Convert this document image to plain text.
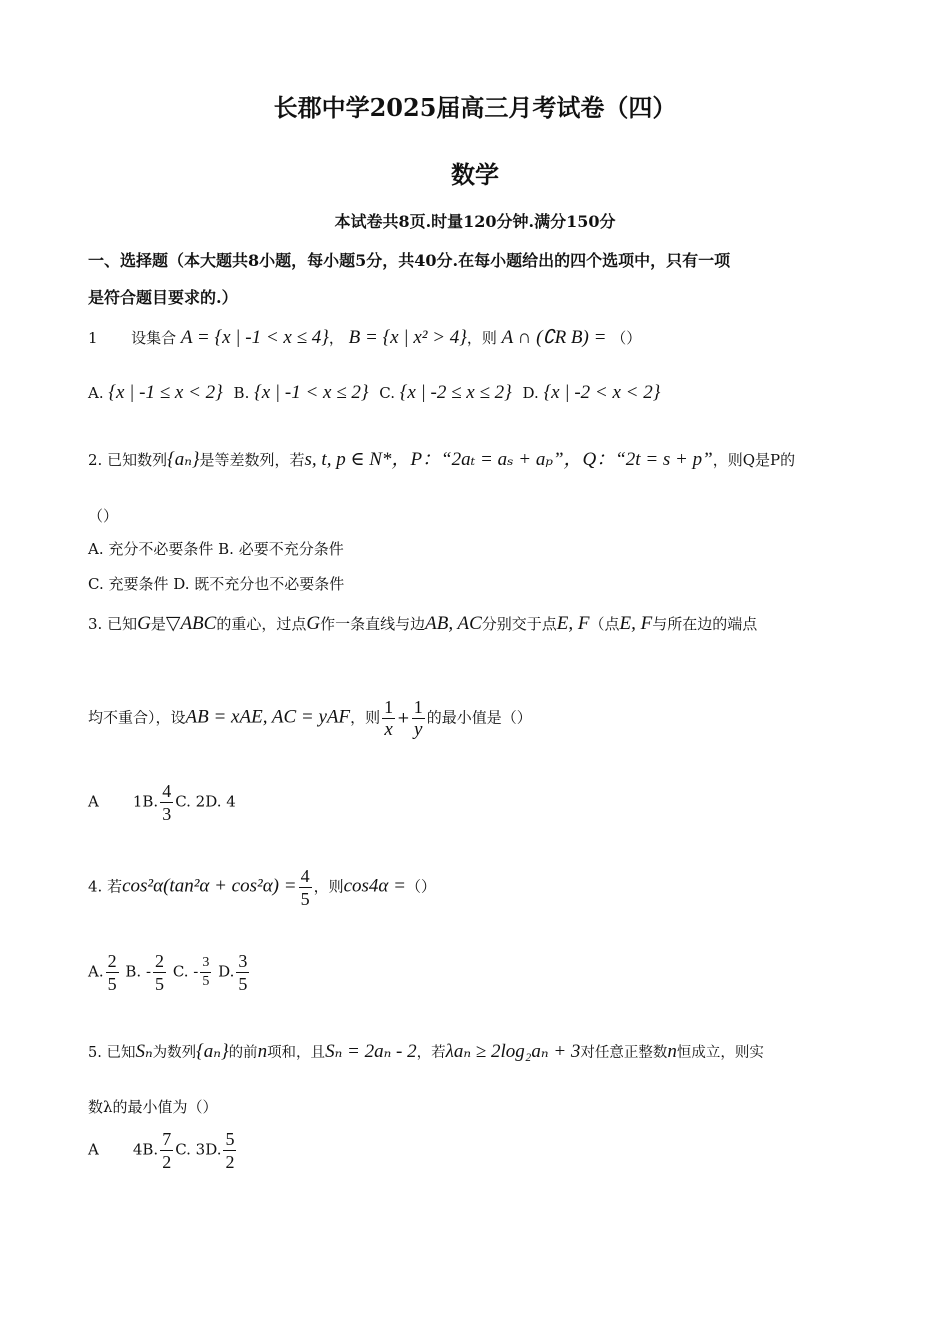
长郡中学2025届高三月考试卷（四）
数学
本试卷共8页.时量120分钟.满分150分
一、选择题（本大题共8小题，每小题5分，共40分.在每小题给出的四个选项中，只有一项
是符合题目要求的.）
1 设集合 A = {x | -1 < x ≤ 4}， B = {x | x² > 4}，则 A ∩ (∁R B) = （）
A. {x | -1 ≤ x < 2} B. {x | -1 < x ≤ 2} C. {x | -2 ≤ x ≤ 2} D. {x | -2 < x < 2}
2. 已知数列{aₙ}是等差数列，若s, t, p ∈ N*，P：“2aₜ = aₛ + aₚ”，Q：“2t = s + p”，则Q是P的
（）
A. 充分不必要条件 B. 必要不充分条件
C. 充要条件 D. 既不充分也不必要条件
3. 已知G是▽ABC的重心，过点G作一条直线与边AB, AC分别交于点E, F（点E, F与所在边的端点
均不重合），设AB = xAE, AC = yAF，则 $\frac{1}{x} + \frac{1}{y}$ 的最小值是（）
A 1B. $\frac{4}{3} C$. 2D. 4
4. 若$\cos^2\alpha(\tan^2\alpha + \cos^2\alpha) = \frac{4}{5}$ ，则cos4α =（）
A. $\frac{2}{5} B$. - $\frac{2}{5} C$. - $\frac{3}{5} D$. $\frac{3}{5}$
5. 已知Sₙ为数列{aₙ}的前n项和，且Sₙ = 2aₙ - 2，若λaₙ ≥ 2log₂aₙ + 3对任意正整数n恒成立，则实
数λ的最小值为（）
A 4B. $\frac{7}{2} C$. 3D. $\frac{5}{2}$
